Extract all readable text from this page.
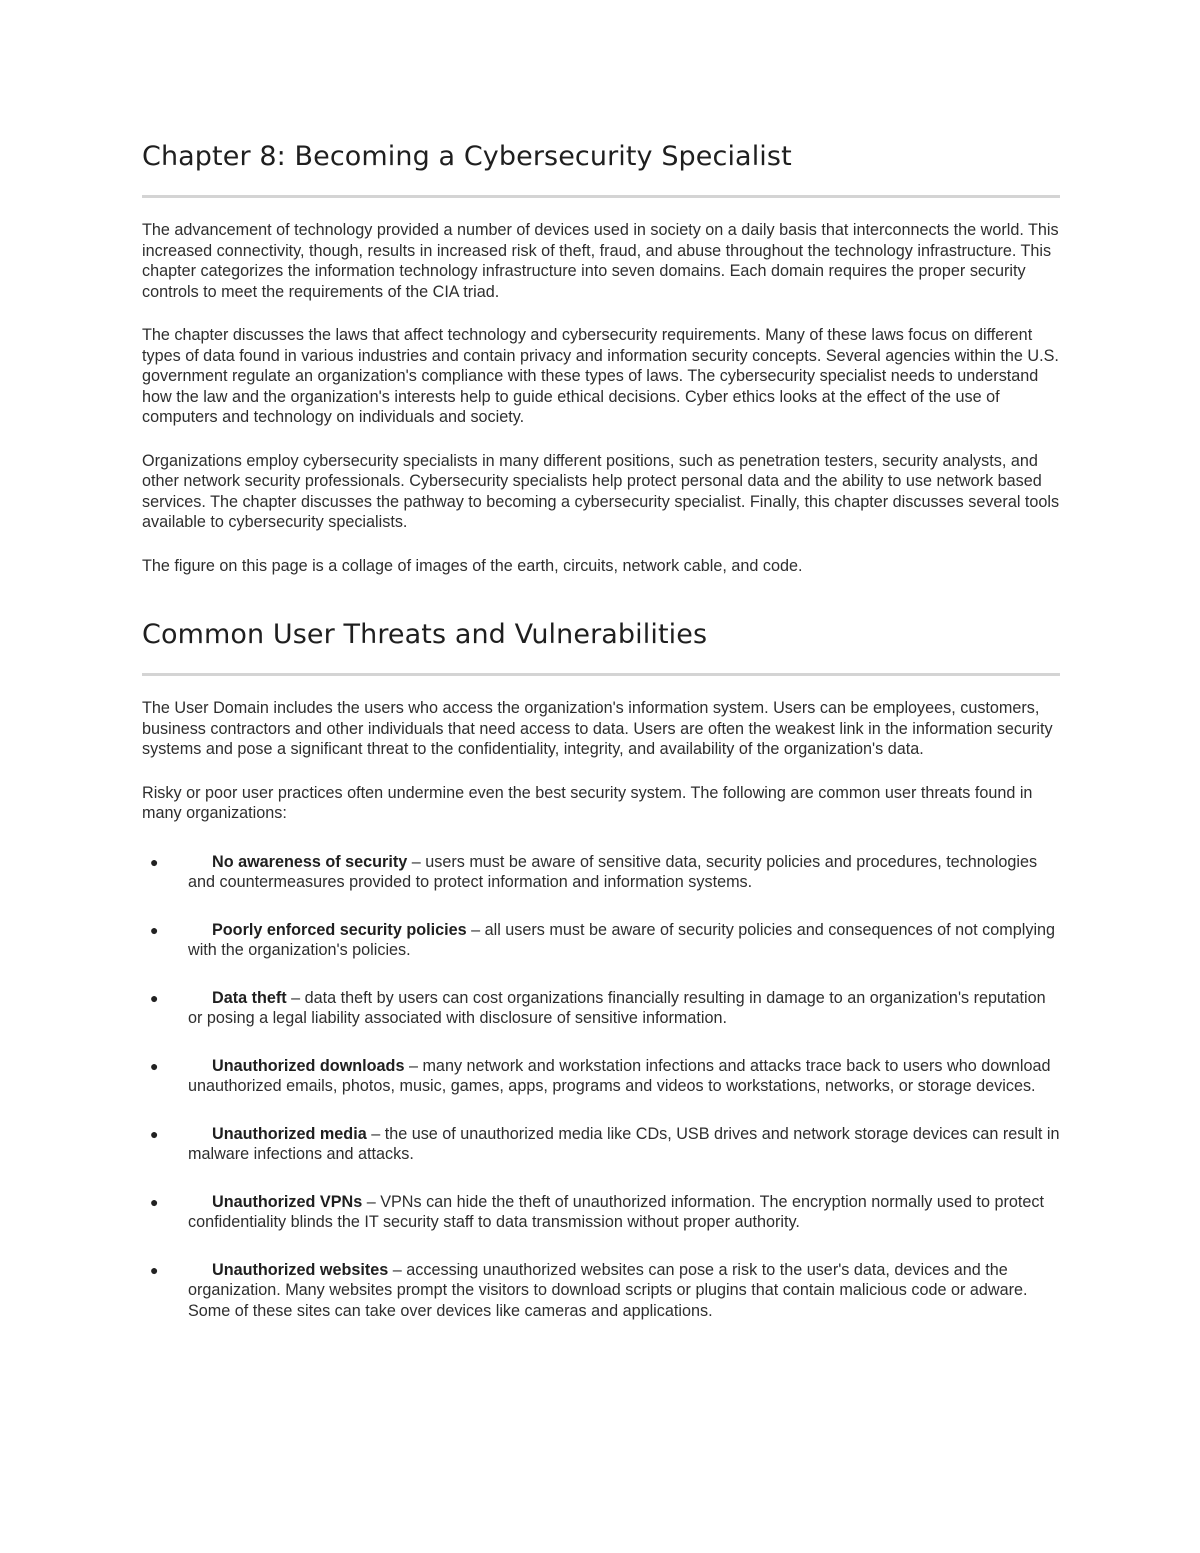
Chapter 8: Becoming a Cybersecurity Specialist

The advancement of technology provided a number of devices used in society on a daily basis that interconnects the world. This increased connectivity, though, results in increased risk of theft, fraud, and abuse throughout the technology infrastructure. This chapter categorizes the information technology infrastructure into seven domains. Each domain requires the proper security controls to meet the requirements of the CIA triad.

The chapter discusses the laws that affect technology and cybersecurity requirements. Many of these laws focus on different types of data found in various industries and contain privacy and information security concepts. Several agencies within the U.S. government regulate an organization's compliance with these types of laws. The cybersecurity specialist needs to understand how the law and the organization's interests help to guide ethical decisions. Cyber ethics looks at the effect of the use of computers and technology on individuals and society.

Organizations employ cybersecurity specialists in many different positions, such as penetration testers, security analysts, and other network security professionals. Cybersecurity specialists help protect personal data and the ability to use network based services. The chapter discusses the pathway to becoming a cybersecurity specialist. Finally, this chapter discusses several tools available to cybersecurity specialists.

The figure on this page is a collage of images of the earth, circuits, network cable, and code.

Common User Threats and Vulnerabilities

The User Domain includes the users who access the organization's information system. Users can be employees, customers, business contractors and other individuals that need access to data. Users are often the weakest link in the information security systems and pose a significant threat to the confidentiality, integrity, and availability of the organization's data.

Risky or poor user practices often undermine even the best security system. The following are common user threats found in many organizations:

●	No awareness of security – users must be aware of sensitive data, security policies and procedures, technologies and countermeasures provided to protect information and information systems.
●	Poorly enforced security policies – all users must be aware of security policies and consequences of not complying with the organization's policies.
●	Data theft – data theft by users can cost organizations financially resulting in damage to an organization's reputation or posing a legal liability associated with disclosure of sensitive information.
●	Unauthorized downloads – many network and workstation infections and attacks trace back to users who download unauthorized emails, photos, music, games, apps, programs and videos to workstations, networks, or storage devices.
●	Unauthorized media – the use of unauthorized media like CDs, USB drives and network storage devices can result in malware infections and attacks.
●	Unauthorized VPNs – VPNs can hide the theft of unauthorized information. The encryption normally used to protect confidentiality blinds the IT security staff to data transmission without proper authority.
●	Unauthorized websites – accessing unauthorized websites can pose a risk to the user's data, devices and the organization. Many websites prompt the visitors to download scripts or plugins that contain malicious code or adware. Some of these sites can take over devices like cameras and applications.
